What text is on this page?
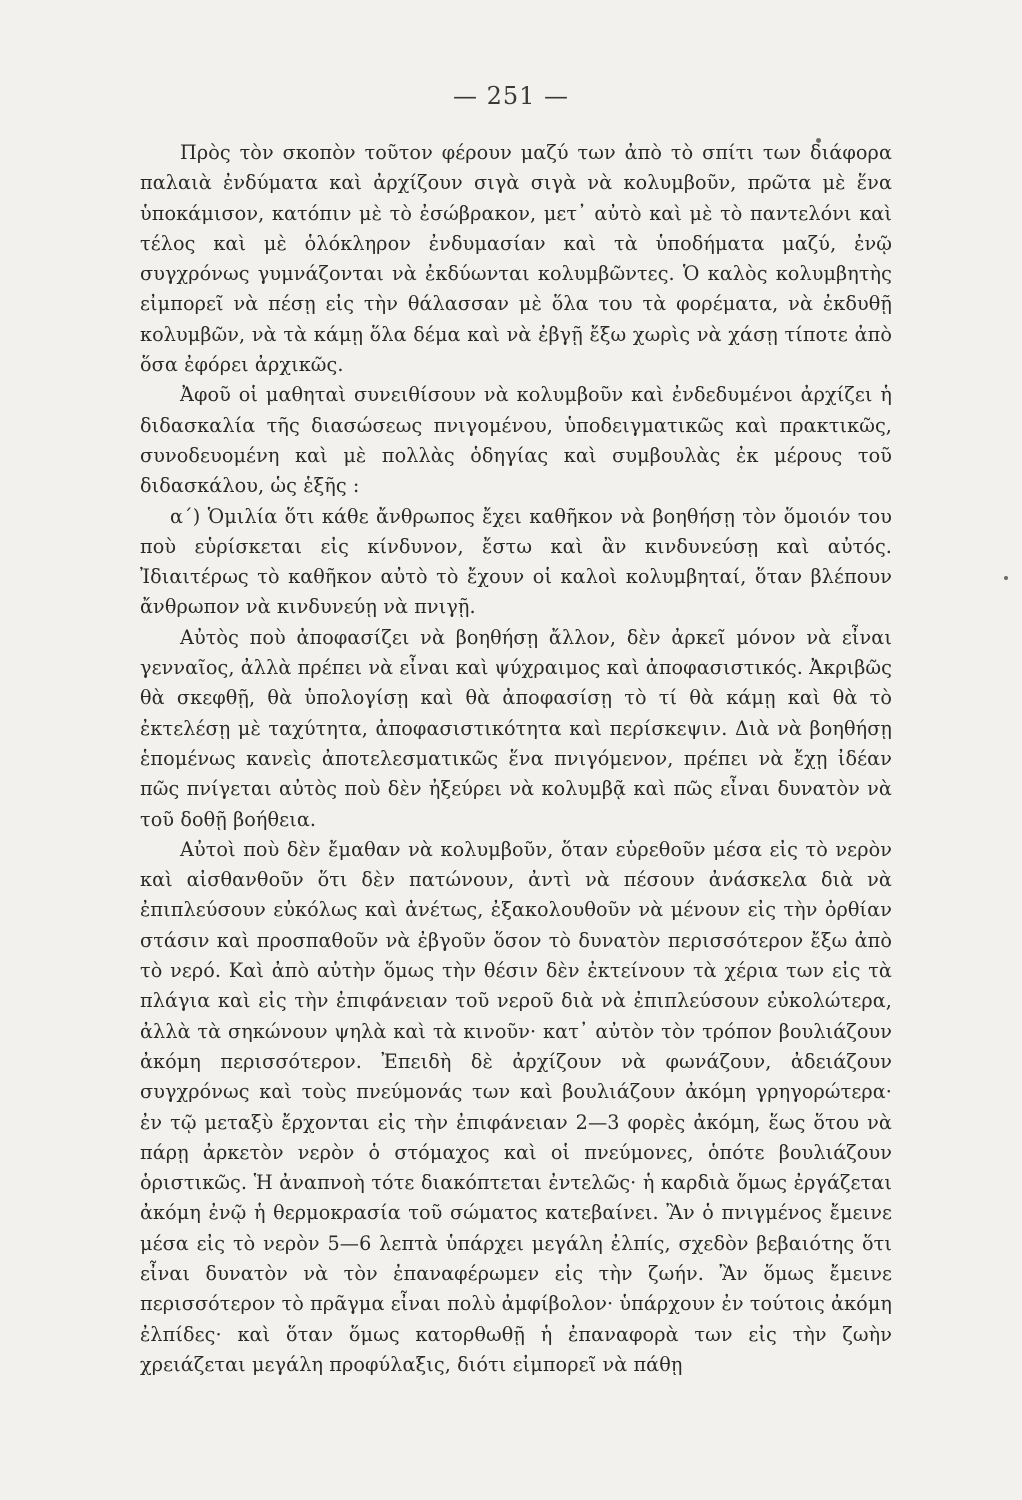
— 251 —

Πρὸς τὸν σκοπὸν τοῦτον φέρουν μαζύ των ἀπὸ τὸ σπίτι των διάφορα παλαιὰ ἐνδύματα καὶ ἀρχίζουν σιγὰ σιγὰ νὰ κολυμβοῦν, πρῶτα μὲ ἕνα ὑποκάμισον, κατόπιν μὲ τὸ ἐσώβρακον, μετ᾽ αὐτὸ καὶ μὲ τὸ παντελόνι καὶ τέλος καὶ μὲ ὁλόκληρον ἐνδυμασίαν καὶ τὰ ὑποδήματα μαζύ, ἐνῷ συγχρόνως γυμνάζονται νὰ ἐκδύωνται κολυμβῶντες. Ὁ καλὸς κολυμβητὴς εἰμπορεῖ νὰ πέσῃ εἰς τὴν θάλασσαν μὲ ὅλα του τὰ φορέματα, νὰ ἐκδυθῇ κολυμβῶν, νὰ τὰ κάμῃ ὅλα δέμα καὶ νὰ ἐβγῇ ἔξω χωρὶς νὰ χάσῃ τίποτε ἀπὸ ὅσα ἐφόρει ἀρχικῶς.

Ἀφοῦ οἱ μαθηταὶ συνειθίσουν νὰ κολυμβοῦν καὶ ἐνδεδυμένοι ἀρχίζει ἡ διδασκαλία τῆς διασώσεως πνιγομένου, ὑποδειγματικῶς καὶ πρακτικῶς, συνοδευομένη καὶ μὲ πολλὰς ὁδηγίας καὶ συμβουλὰς ἐκ μέρους τοῦ διδασκάλου, ὡς ἑξῆς :

α΄) Ὁμιλία ὅτι κάθε ἄνθρωπος ἔχει καθῆκον νὰ βοηθήσῃ τὸν ὅμοιόν του ποὺ εὑρίσκεται εἰς κίνδυνον, ἔστω καὶ ἂν κινδυνεύσῃ καὶ αὐτός. Ἰδιαιτέρως τὸ καθῆκον αὐτὸ τὸ ἔχουν οἱ καλοὶ κολυμβηταί, ὅταν βλέπουν ἄνθρωπον νὰ κινδυνεύῃ νὰ πνιγῇ.

Αὐτὸς ποὺ ἀποφασίζει νὰ βοηθήσῃ ἄλλον, δὲν ἀρκεῖ μόνον νὰ εἶναι γενναῖος, ἀλλὰ πρέπει νὰ εἶναι καὶ ψύχραιμος καὶ ἀποφασιστικός. Ἀκριβῶς θὰ σκεφθῇ, θὰ ὑπολογίσῃ καὶ θὰ ἀποφασίσῃ τὸ τί θὰ κάμῃ καὶ θὰ τὸ ἐκτελέσῃ μὲ ταχύτητα, ἀποφασιστικότητα καὶ περίσκεψιν. Διὰ νὰ βοηθήσῃ ἑπομένως κανεὶς ἀποτελεσματικῶς ἕνα πνιγόμενον, πρέπει νὰ ἔχῃ ἰδέαν πῶς πνίγεται αὐτὸς ποὺ δὲν ἠξεύρει νὰ κολυμβᾷ καὶ πῶς εἶναι δυνατὸν νὰ τοῦ δοθῇ βοήθεια.

Αὐτοὶ ποὺ δὲν ἔμαθαν νὰ κολυμβοῦν, ὅταν εὑρεθοῦν μέσα εἰς τὸ νερὸν καὶ αἰσθανθοῦν ὅτι δὲν πατώνουν, ἀντὶ νὰ πέσουν ἀνάσκελα διὰ νὰ ἐπιπλεύσουν εὐκόλως καὶ ἀνέτως, ἐξακολουθοῦν νὰ μένουν εἰς τὴν ὀρθίαν στάσιν καὶ προσπαθοῦν νὰ ἐβγοῦν ὅσον τὸ δυνατὸν περισσότερον ἔξω ἀπὸ τὸ νερό. Καὶ ἀπὸ αὐτὴν ὅμως τὴν θέσιν δὲν ἐκτείνουν τὰ χέρια των εἰς τὰ πλάγια καὶ εἰς τὴν ἐπιφάνειαν τοῦ νεροῦ διὰ νὰ ἐπιπλεύσουν εὐκολώτερα, ἀλλὰ τὰ σηκώνουν ψηλὰ καὶ τὰ κινοῦν· κατ᾽ αὐτὸν τὸν τρόπον βουλιάζουν ἀκόμη περισσότερον. Ἐπειδὴ δὲ ἀρχίζουν νὰ φωνάζουν, ἀδειάζουν συγχρόνως καὶ τοὺς πνεύμονάς των καὶ βουλιάζουν ἀκόμη γρηγορώτερα· ἐν τῷ μεταξὺ ἔρχονται εἰς τὴν ἐπιφάνειαν 2—3 φορὲς ἀκόμη, ἕως ὅτου νὰ πάρῃ ἀρκετὸν νερὸν ὁ στόμαχος καὶ οἱ πνεύμονες, ὁπότε βουλιάζουν ὁριστικῶς. Ἡ ἀναπνοὴ τότε διακόπτεται ἐντελῶς· ἡ καρδιὰ ὅμως ἐργάζεται ἀκόμη ἐνῷ ἡ θερμοκρασία τοῦ σώματος κατεβαίνει. Ἂν ὁ πνιγμένος ἔμεινε μέσα εἰς τὸ νερὸν 5—6 λεπτὰ ὑπάρχει μεγάλη ἐλπίς, σχεδὸν βεβαιότης ὅτι εἶναι δυνατὸν νὰ τὸν ἐπαναφέρωμεν εἰς τὴν ζωήν. Ἂν ὅμως ἔμεινε περισσότερον τὸ πρᾶγμα εἶναι πολὺ ἀμφίβολον· ὑπάρχουν ἐν τούτοις ἀκόμη ἐλπίδες· καὶ ὅταν ὅμως κατορθωθῇ ἡ ἐπαναφορὰ των εἰς τὴν ζωὴν χρειάζεται μεγάλη προφύλαξις, διότι εἰμπορεῖ νὰ πάθῃ
